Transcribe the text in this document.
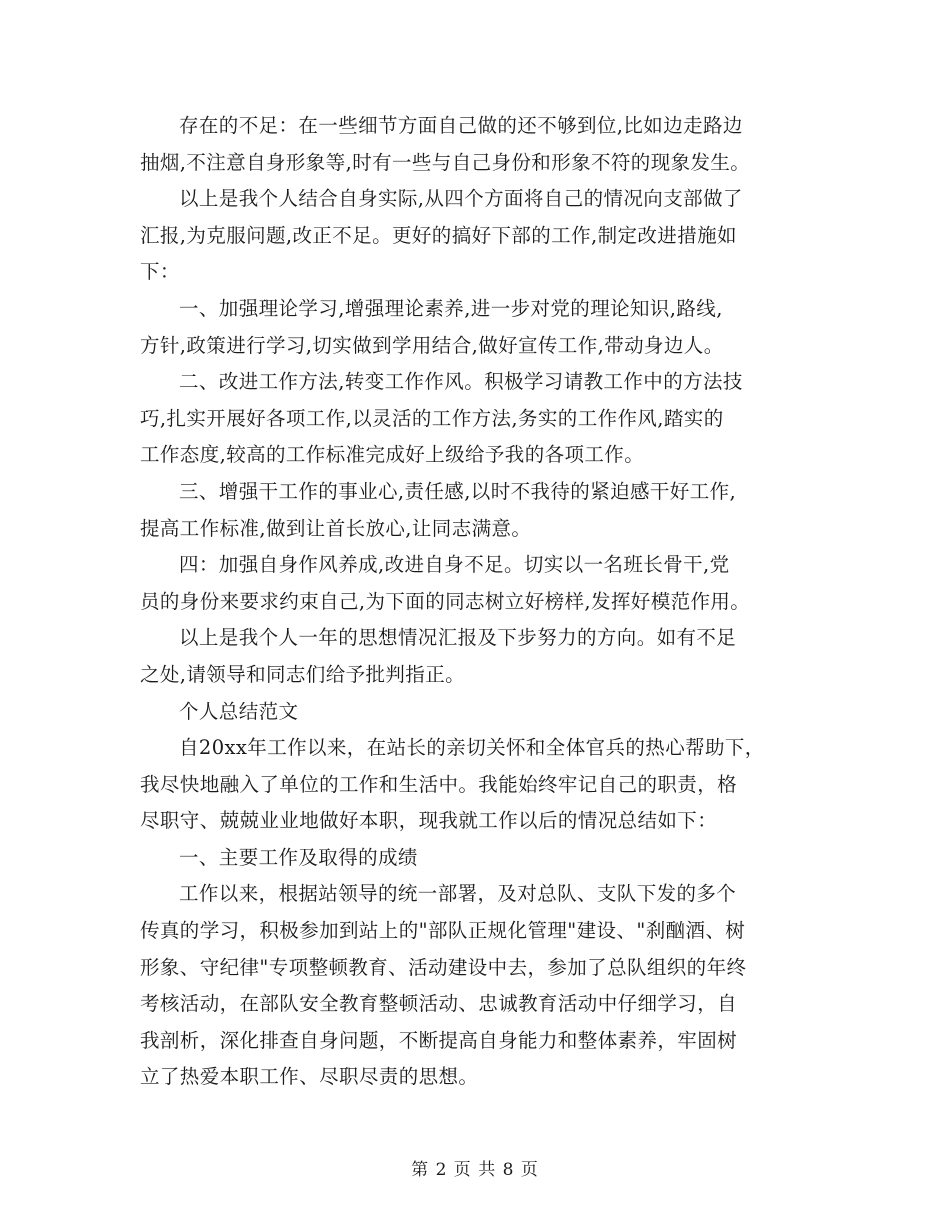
存在的不足：在一些细节方面自己做的还不够到位,比如边走路边
抽烟,不注意自身形象等,时有一些与自己身份和形象不符的现象发生。

以上是我个人结合自身实际,从四个方面将自己的情况向支部做了
汇报,为克服问题,改正不足。更好的搞好下部的工作,制定改进措施如
下：

一、加强理论学习,增强理论素养,进一步对党的理论知识,路线,
方针,政策进行学习,切实做到学用结合,做好宣传工作,带动身边人。

二、改进工作方法,转变工作作风。积极学习请教工作中的方法技
巧,扎实开展好各项工作,以灵活的工作方法,务实的工作作风,踏实的
工作态度,较高的工作标准完成好上级给予我的各项工作。

三、增强干工作的事业心,责任感,以时不我待的紧迫感干好工作,
提高工作标准,做到让首长放心,让同志满意。

四：加强自身作风养成,改进自身不足。切实以一名班长骨干,党
员的身份来要求约束自己,为下面的同志树立好榜样,发挥好模范作用。

以上是我个人一年的思想情况汇报及下步努力的方向。如有不足
之处,请领导和同志们给予批判指正。

个人总结范文

自20xx年工作以来，在站长的亲切关怀和全体官兵的热心帮助下，
我尽快地融入了单位的工作和生活中。我能始终牢记自己的职责，格
尽职守、兢兢业业地做好本职，现我就工作以后的情况总结如下：

一、主要工作及取得的成绩

工作以来，根据站领导的统一部署，及对总队、支队下发的多个
传真的学习，积极参加到站上的"部队正规化管理"建设、"刹酗酒、树
形象、守纪律"专项整顿教育、活动建设中去，参加了总队组织的年终
考核活动，在部队安全教育整顿活动、忠诚教育活动中仔细学习，自
我剖析，深化排查自身问题，不断提高自身能力和整体素养，牢固树
立了热爱本职工作、尽职尽责的思想。

第 2 页 共 8 页
